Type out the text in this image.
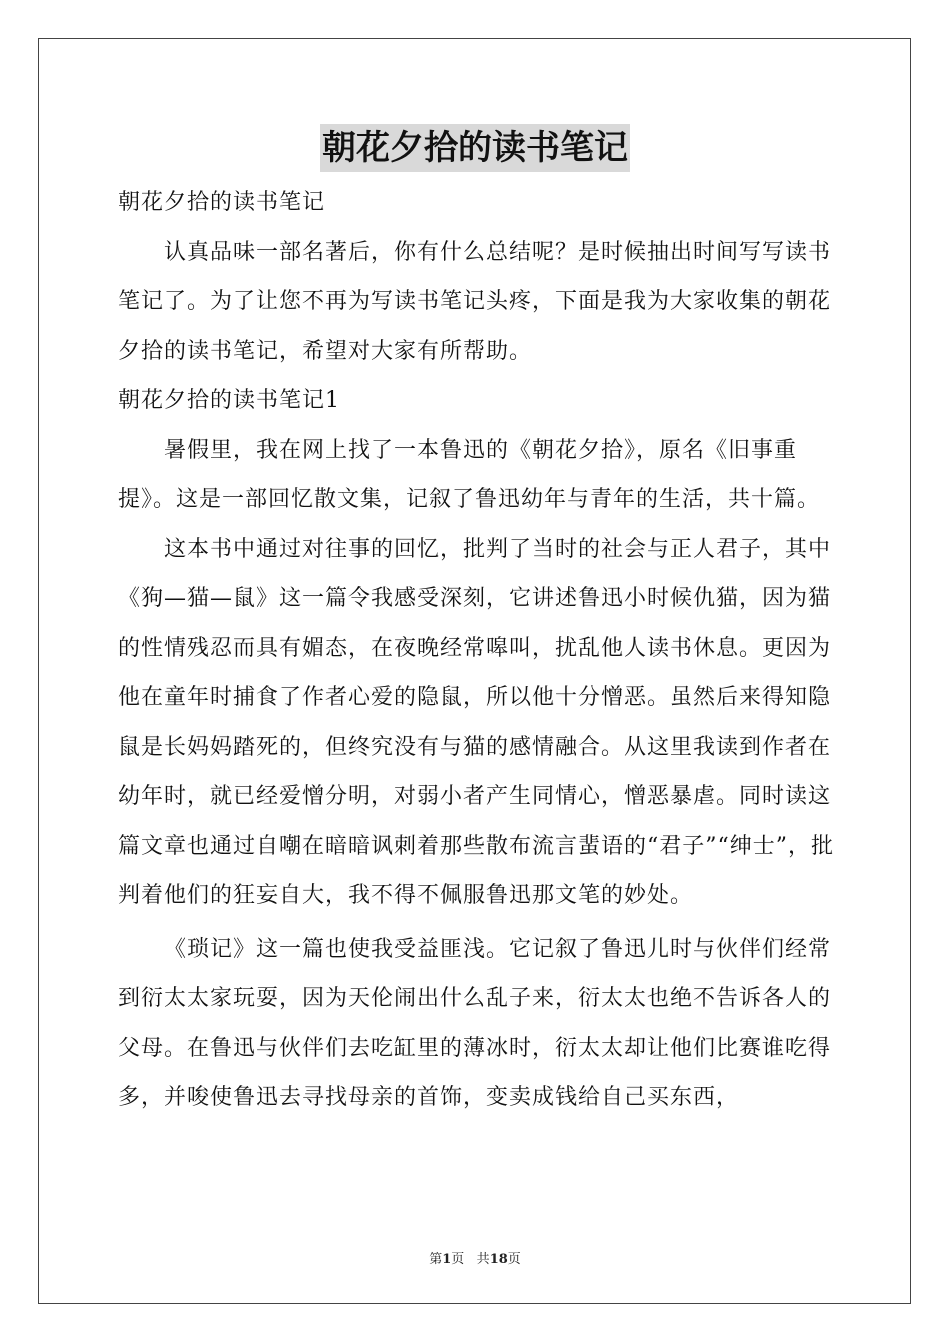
朝花夕拾的读书笔记

朝花夕拾的读书笔记

认真品味一部名著后，你有什么总结呢？是时候抽出时间写写读书笔记了。为了让您不再为写读书笔记头疼，下面是我为大家收集的朝花夕拾的读书笔记，希望对大家有所帮助。

朝花夕拾的读书笔记1

暑假里，我在网上找了一本鲁迅的《朝花夕拾》，原名《旧事重提》。这是一部回忆散文集，记叙了鲁迅幼年与青年的生活，共十篇。

这本书中通过对往事的回忆，批判了当时的社会与正人君子，其中《狗—猫—鼠》这一篇令我感受深刻，它讲述鲁迅小时候仇猫，因为猫的性情残忍而具有媚态，在夜晚经常嗥叫，扰乱他人读书休息。更因为他在童年时捕食了作者心爱的隐鼠，所以他十分憎恶。虽然后来得知隐鼠是长妈妈踏死的，但终究没有与猫的感情融合。从这里我读到作者在幼年时，就已经爱憎分明，对弱小者产生同情心，憎恶暴虐。同时读这篇文章也通过自嘲在暗暗讽刺着那些散布流言蜚语的“君子”“绅士”，批判着他们的狂妄自大，我不得不佩服鲁迅那文笔的妙处。

《琐记》这一篇也使我受益匪浅。它记叙了鲁迅儿时与伙伴们经常到衍太太家玩耍，因为天伦闹出什么乱子来，衍太太也绝不告诉各人的父母。在鲁迅与伙伴们去吃缸里的薄冰时，衍太太却让他们比赛谁吃得多，并唆使鲁迅去寻找母亲的首饰，变卖成钱给自己买东西，

第1页 共18页
